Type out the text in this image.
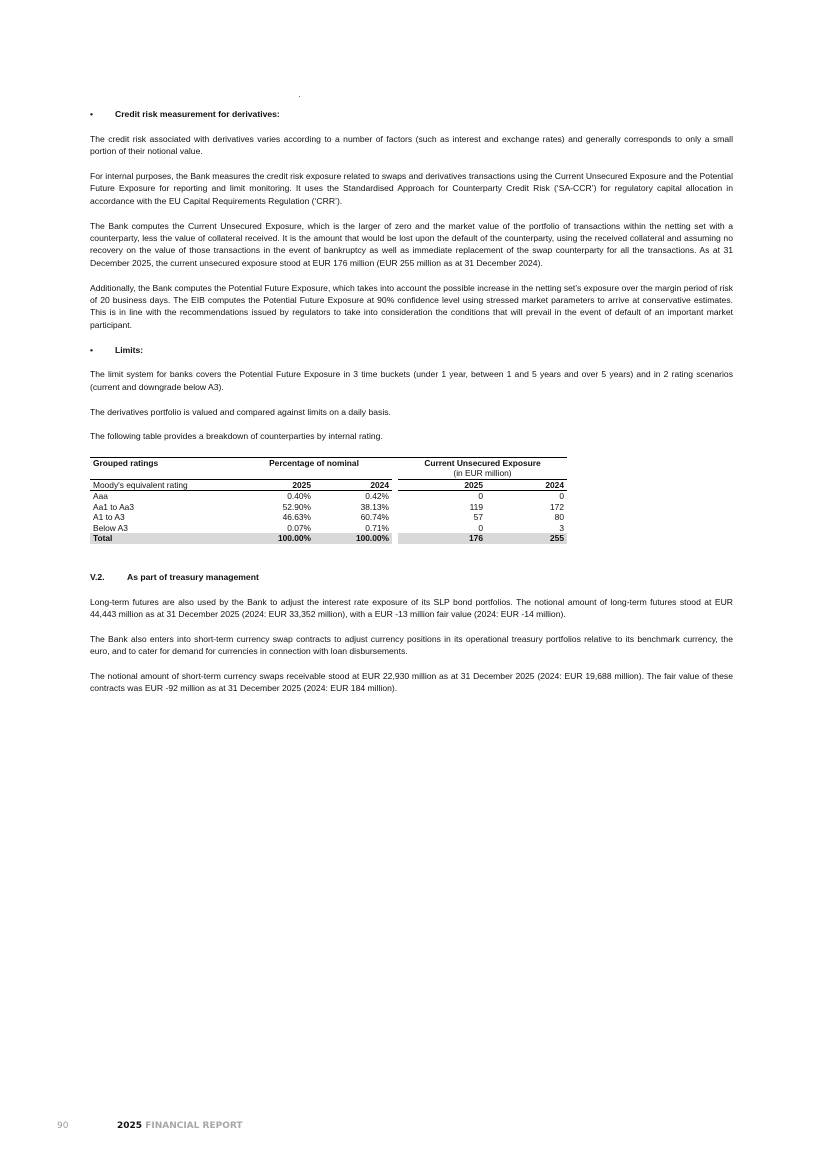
•	Credit risk measurement for derivatives:

The credit risk associated with derivatives varies according to a number of factors (such as interest and exchange rates) and generally corresponds to only a small portion of their notional value.

For internal purposes, the Bank measures the credit risk exposure related to swaps and derivatives transactions using the Current Unsecured Exposure and the Potential Future Exposure for reporting and limit monitoring. It uses the Standardised Approach for Counterparty Credit Risk (‘SA-CCR’) for regulatory capital allocation in accordance with the EU Capital Requirements Regulation (‘CRR’).

The Bank computes the Current Unsecured Exposure, which is the larger of zero and the market value of the portfolio of transactions within the netting set with a counterparty, less the value of collateral received. It is the amount that would be lost upon the default of the counterparty, using the received collateral and assuming no recovery on the value of those transactions in the event of bankruptcy as well as immediate replacement of the swap counterparty for all the transactions. As at 31 December 2025, the current unsecured exposure stood at EUR 176 million (EUR 255 million as at 31 December 2024).

Additionally, the Bank computes the Potential Future Exposure, which takes into account the possible increase in the netting set’s exposure over the margin period of risk of 20 business days. The EIB computes the Potential Future Exposure at 90% confidence level using stressed market parameters to arrive at conservative estimates. This is in line with the recommendations issued by regulators to take into consideration the conditions that will prevail in the event of default of an important market participant.

•	Limits:

The limit system for banks covers the Potential Future Exposure in 3 time buckets (under 1 year, between 1 and 5 years and over 5 years) and in 2 rating scenarios (current and downgrade below A3).

The derivatives portfolio is valued and compared against limits on a daily basis.

The following table provides a breakdown of counterparties by internal rating.

Grouped ratings	Percentage of nominal			Current Unsecured Exposure	
				(in EUR million)	
Moody's equivalent rating	2025	2024		2025	2024
Aaa	0.40%	0.42%		0	0
Aa1 to Aa3	52.90%	38.13%		119	172
A1 to A3	46.63%	60.74%		57	80
Below A3	0.07%	0.71%		0	3
Total	100.00%	100.00%		176	255

V.2.	As part of treasury management

Long-term futures are also used by the Bank to adjust the interest rate exposure of its SLP bond portfolios. The notional amount of long-term futures stood at EUR 44,443 million as at 31 December 2025 (2024: EUR 33,352 million), with a EUR -13 million fair value (2024: EUR -14 million).

The Bank also enters into short-term currency swap contracts to adjust currency positions in its operational treasury portfolios relative to its benchmark currency, the euro, and to cater for demand for currencies in connection with loan disbursements.

The notional amount of short-term currency swaps receivable stood at EUR 22,930 million as at 31 December 2025 (2024: EUR 19,688 million). The fair value of these contracts was EUR -92 million as at 31 December 2025 (2024: EUR 184 million).

90	2025 FINANCIAL REPORT
